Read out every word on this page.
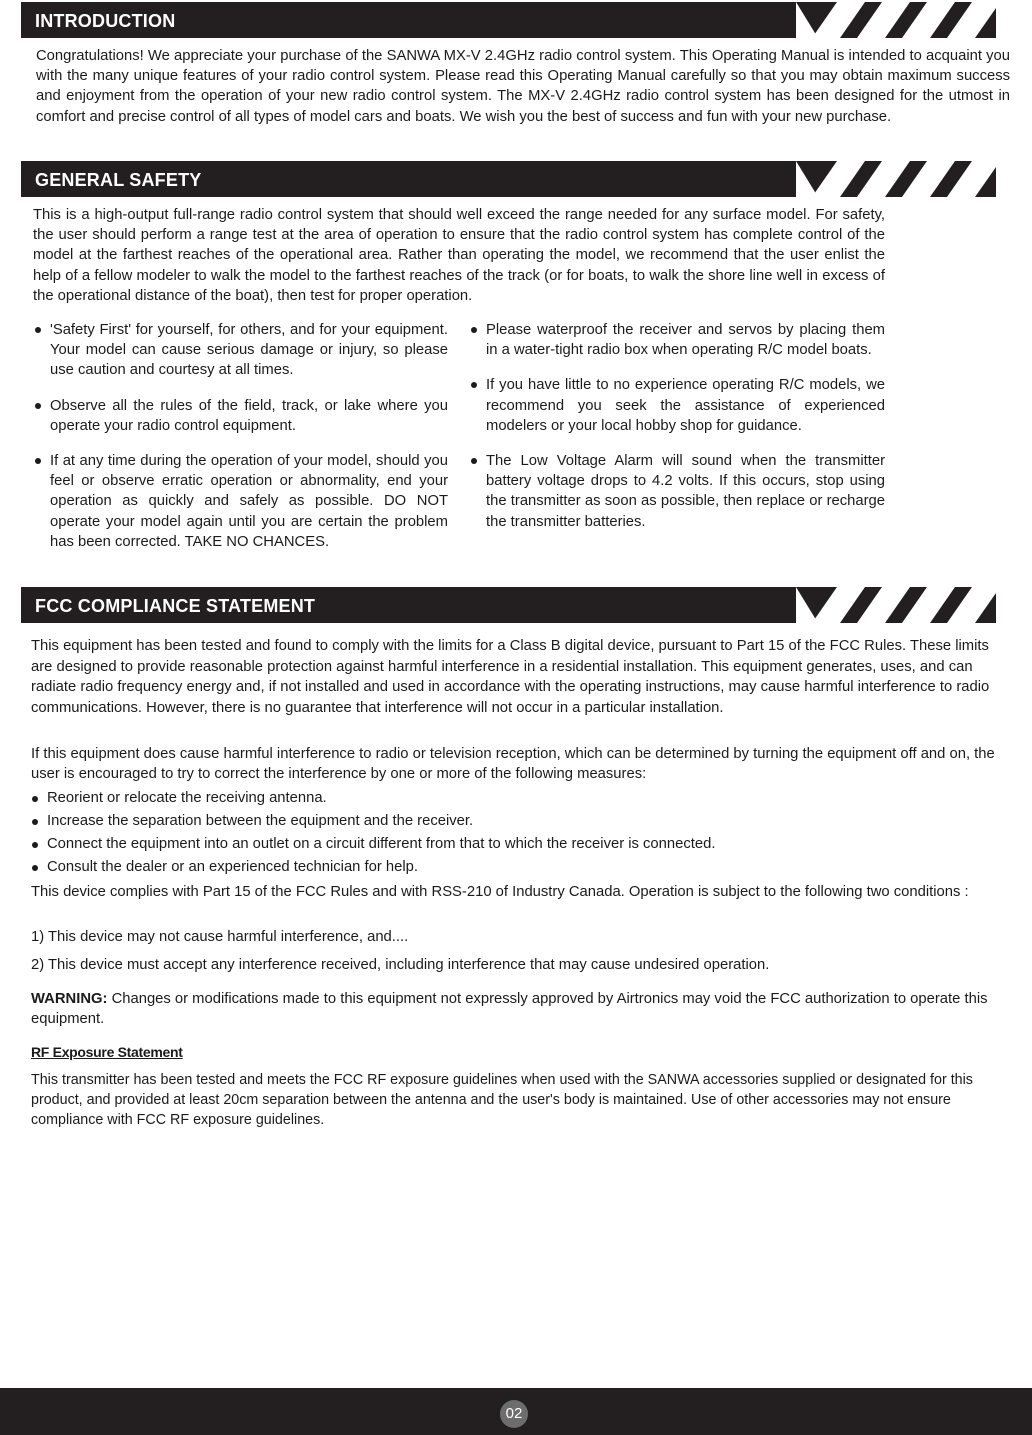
INTRODUCTION

Congratulations! We appreciate your purchase of the SANWA MX-V 2.4GHz radio control system. This Operating Manual is intended to acquaint you with the many unique features of your radio control system. Please read this Operating Manual carefully so that you may obtain maximum success and enjoyment from the operation of your new radio control system. The MX-V 2.4GHz radio control system has been designed for the utmost in comfort and precise control of all types of model cars and boats. We wish you the best of success and fun with your new purchase.

GENERAL SAFETY

This is a high-output full-range radio control system that should well exceed the range needed for any surface model. For safety, the user should perform a range test at the area of operation to ensure that the radio control system has complete control of the model at the farthest reaches of the operational area. Rather than operating the model, we recommend that the user enlist the help of a fellow modeler to walk the model to the farthest reaches of the track (or for boats, to walk the shore line well in excess of the operational distance of the boat), then test for proper operation.

'Safety First' for yourself, for others, and for your equipment. Your model can cause serious damage or injury, so please use caution and courtesy at all times.
Observe all the rules of the field, track, or lake where you operate your radio control equipment.
If at any time during the operation of your model, should you feel or observe erratic operation or abnormality, end your operation as quickly and safely as possible. DO NOT operate your model again until you are certain the problem has been corrected. TAKE NO CHANCES.
Please waterproof the receiver and servos by placing them in a water-tight radio box when operating R/C model boats.
If you have little to no experience operating R/C models, we recommend you seek the assistance of experienced modelers or your local hobby shop for guidance.
The Low Voltage Alarm will sound when the transmitter battery voltage drops to 4.2 volts. If this occurs, stop using the transmitter as soon as possible, then replace or recharge the transmitter batteries.
FCC COMPLIANCE STATEMENT

This equipment has been tested and found to comply with the limits for a Class B digital device, pursuant to Part 15 of the FCC Rules. These limits are designed to provide reasonable protection against harmful interference in a residential installation. This equipment generates, uses, and can radiate radio frequency energy and, if not installed and used in accordance with the operating instructions, may cause harmful interference to radio communications. However, there is no guarantee that interference will not occur in a particular installation.

If this equipment does cause harmful interference to radio or television reception, which can be determined by turning the equipment off and on, the user is encouraged to try to correct the interference by one or more of the following measures:

Reorient or relocate the receiving antenna.
Increase the separation between the equipment and the receiver.
Connect the equipment into an outlet on a circuit different from that to which the receiver is connected.
Consult the dealer or an experienced technician for help.

This device complies with Part 15 of the FCC Rules and with RSS-210 of Industry Canada. Operation is subject to the following two conditions :

1) This device may not cause harmful interference, and....

2) This device must accept any interference received, including interference that may cause undesired operation.

WARNING: Changes or modifications made to this equipment not expressly approved by Airtronics may void the FCC authorization to operate this equipment.

RF Exposure Statement

This transmitter has been tested and meets the FCC RF exposure guidelines when used with the SANWA accessories supplied or designated for this product, and provided at least 20cm separation between the antenna and the user's body is maintained. Use of other accessories may not ensure compliance with FCC RF exposure guidelines.

02
